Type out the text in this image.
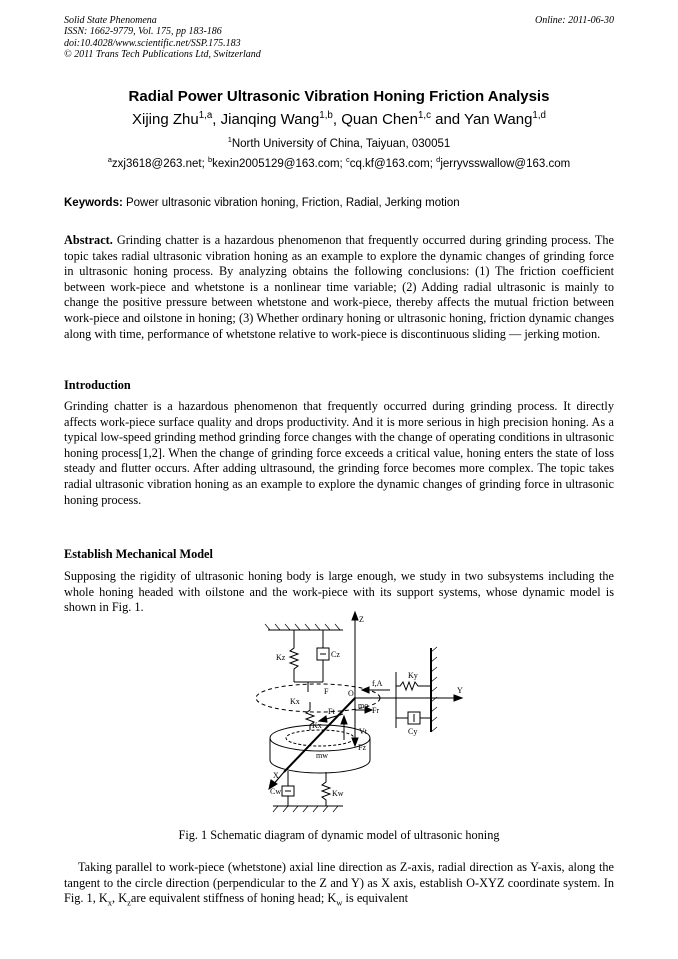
Solid State Phenomena
ISSN: 1662-9779, Vol. 175, pp 183-186
doi:10.4028/www.scientific.net/SSP.175.183
© 2011 Trans Tech Publications Ltd, Switzerland
Online: 2011-06-30
Radial Power Ultrasonic Vibration Honing Friction Analysis
Xijing Zhu$^{1,a}$, Jianqing Wang$^{1,b}$, Quan Chen$^{1,c}$ and Yan Wang$^{1,d}$
$^1$North University of China, Taiyuan, 030051
$^a$zxj3618@263.net; $^b$kexin2005129@163.com; $^c$cq.kf@163.com; $^d$jerryvsswallow@163.com
Keywords: Power ultrasonic vibration honing, Friction, Radial, Jerking motion
Abstract. Grinding chatter is a hazardous phenomenon that frequently occurred during grinding process. The topic takes radial ultrasonic vibration honing as an example to explore the dynamic changes of grinding force in ultrasonic honing process. By analyzing obtains the following conclusions: (1) The friction coefficient between work-piece and whetstone is a nonlinear time variable; (2) Adding radial ultrasonic is mainly to change the positive pressure between whetstone and work-piece, thereby affects the mutual friction between work-piece and oilstone in honing; (3) Whether ordinary honing or ultrasonic honing, friction dynamic changes along with time, performance of whetstone relative to work-piece is discontinuous sliding — jerking motion.
Introduction
Grinding chatter is a hazardous phenomenon that frequently occurred during grinding process. It directly affects work-piece surface quality and drops productivity. And it is more serious in high precision honing. As a typical low-speed grinding method grinding force changes with the change of operating conditions in ultrasonic honing process[1,2]. When the change of grinding force exceeds a critical value, honing enters the state of loss steady and flutter occurs. After adding ultrasound, the grinding force becomes more complex. The topic takes radial ultrasonic vibration honing as an example to explore the dynamic changes of grinding force in ultrasonic honing process.
Establish Mechanical Model
Supposing the rigidity of ultrasonic honing body is large enough, we study in two subsystems including the whole honing headed with oilstone and the work-piece with its support systems, whose dynamic model is shown in Fig. 1.
Z
Y
X
O
Kz	Cz
Ky
Cy
Kx
Kx
Cw	Kw
f,A
Fr
Ft
Fz
mo
mw
Vt
F
Fig. 1 Schematic diagram of dynamic model of ultrasonic honing
Taking parallel to work-piece (whetstone) axial line direction as Z-axis, radial direction as Y-axis, along the tangent to the circle direction (perpendicular to the Z and Y) as X axis, establish O-XYZ coordinate system. In Fig. 1, $K_x$, $K_zare$ equivalent stiffness of honing head; $K_w$ is equivalent
